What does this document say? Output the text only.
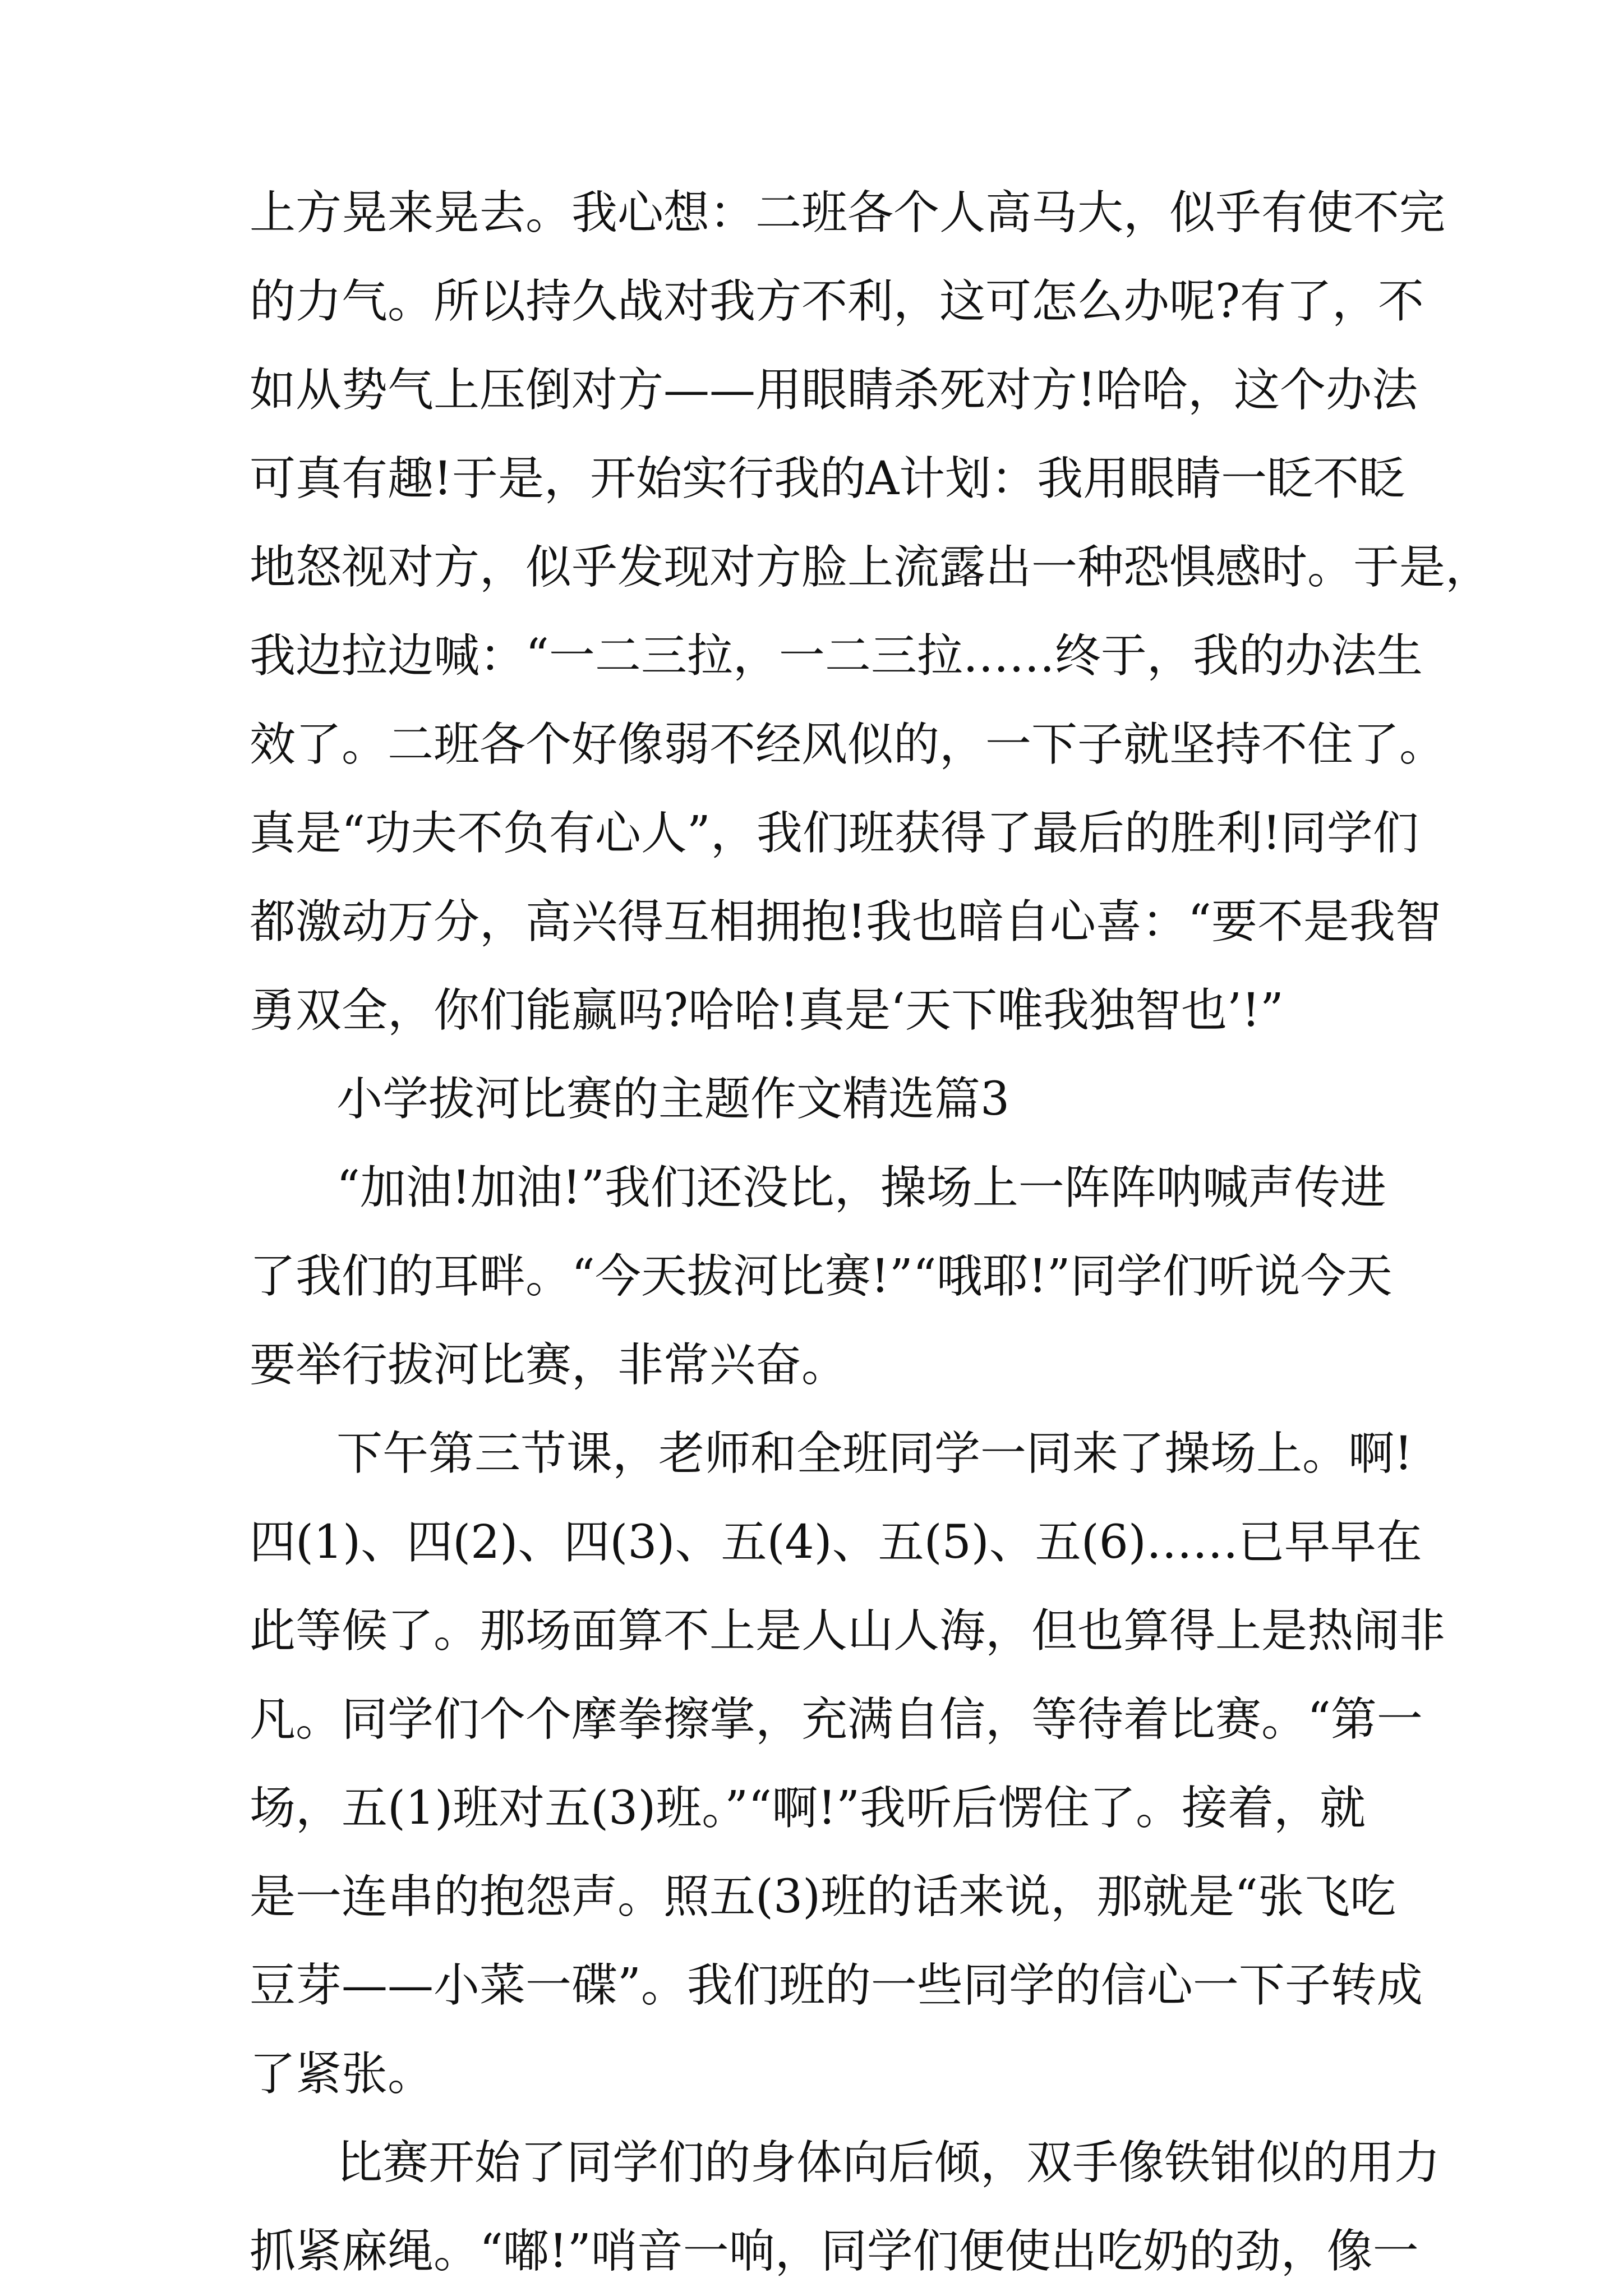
上方晃来晃去。我心想：二班各个人高马大，似乎有使不完
的力气。所以持久战对我方不利，这可怎么办呢?有了，不
如从势气上压倒对方——用眼睛杀死对方!哈哈，这个办法
可真有趣!于是，开始实行我的A计划：我用眼睛一眨不眨
地怒视对方，似乎发现对方脸上流露出一种恐惧感时。于是，
我边拉边喊：“一二三拉，一二三拉……终于，我的办法生
效了。二班各个好像弱不经风似的，一下子就坚持不住了。
真是“功夫不负有心人”，我们班获得了最后的胜利!同学们
都激动万分，高兴得互相拥抱!我也暗自心喜：“要不是我智
勇双全，你们能赢吗?哈哈!真是‘天下唯我独智也’!”
小学拔河比赛的主题作文精选篇3
“加油!加油!”我们还没比，操场上一阵阵呐喊声传进
了我们的耳畔。“今天拔河比赛!”“哦耶!”同学们听说今天
要举行拔河比赛，非常兴奋。
下午第三节课，老师和全班同学一同来了操场上。啊!
四(1)、四(2)、四(3)、五(4)、五(5)、五(6)……已早早在
此等候了。那场面算不上是人山人海，但也算得上是热闹非
凡。同学们个个摩拳擦掌，充满自信，等待着比赛。“第一
场，五(1)班对五(3)班。”“啊!”我听后愣住了。接着，就
是一连串的抱怨声。照五(3)班的话来说，那就是“张飞吃
豆芽——小菜一碟”。我们班的一些同学的信心一下子转成
了紧张。
比赛开始了同学们的身体向后倾，双手像铁钳似的用力
抓紧麻绳。“嘟!”哨音一响，同学们便使出吃奶的劲，像一
